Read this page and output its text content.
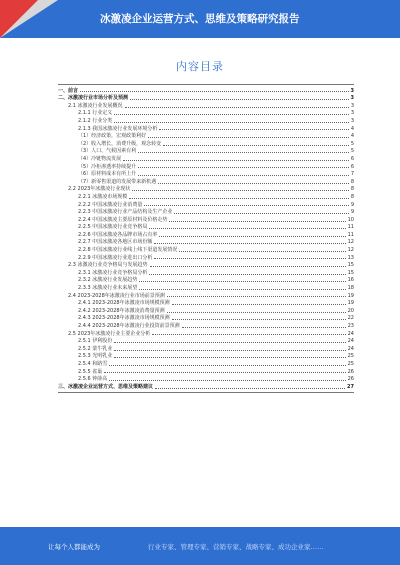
冰激凌企业运营方式、思维及策略研究报告
内容目录
一、前言	3
二、冰激凌行业市场分析及预测	3
2.1 冰激凌行业发展概况	3
2.1.1 行业定义	3
2.1.2 行业分类	3
2.1.3 我国冰激凌行业发展环境分析	4
（1）经济政策，宏观政策利好	4
（2）收入增长，消费升级，观念转变	5
（3）人口、气候因素有利	5
（4）冷链物流发展	6
（5）冷柜渗透率持续提升	6
（6）原材料成本有所上升	7
（7）新零售渠道的发展带来新机遇	8
2.2 2023年冰激凌行业现状	8
2.2.1 冰激凌市场规模	8
2.2.2 中国冰激凌行业消费量	9
2.2.3 中国冰激凌行业产品结构及生产企业	9
2.2.4 中国冰激凌主要原材料及价格走势	10
2.2.5 中国冰激凌行业竞争格局	11
2.2.6 中国冰激凌各品牌市场占有率	11
2.2.7 中国冰激凌各地区市场份额	12
2.2.8 中国冰激凌行业线上线下渠道发展情况	12
2.2.9 中国冰激凌行业进出口分析	13
2.3 冰激凌行业竞争格局与发展趋势	15
2.3.1 冰激凌行业竞争格局分析	15
2.3.2 冰激凌行业发展趋势	16
2.3.3 冰激凌行业未来展望	18
2.4 2023-2028年冰激凌行业市场前景预测	19
2.4.1 2023-2028年冰激凌市场规模预测	19
2.4.2 2023-2028年冰激凌消费量预测	20
2.4.3 2023-2028年冰激凌市场规模预测	22
2.4.4 2023-2028年冰激凌行业投资前景预测	23
2.5 2023年冰激凌行业主要企业分析	24
2.5.1 伊利股份	24
2.5.2 蒙牛乳业	24
2.5.3 光明乳业	25
2.5.4 和路雪	25
2.5.5 雀巢	26
2.5.6 钟薛高	26
三、冰激凌企业运营方式、思维及策略建议	27
让每个人都能成为	行业专家、管理专家、营销专家、战略专家、成功企业家……
